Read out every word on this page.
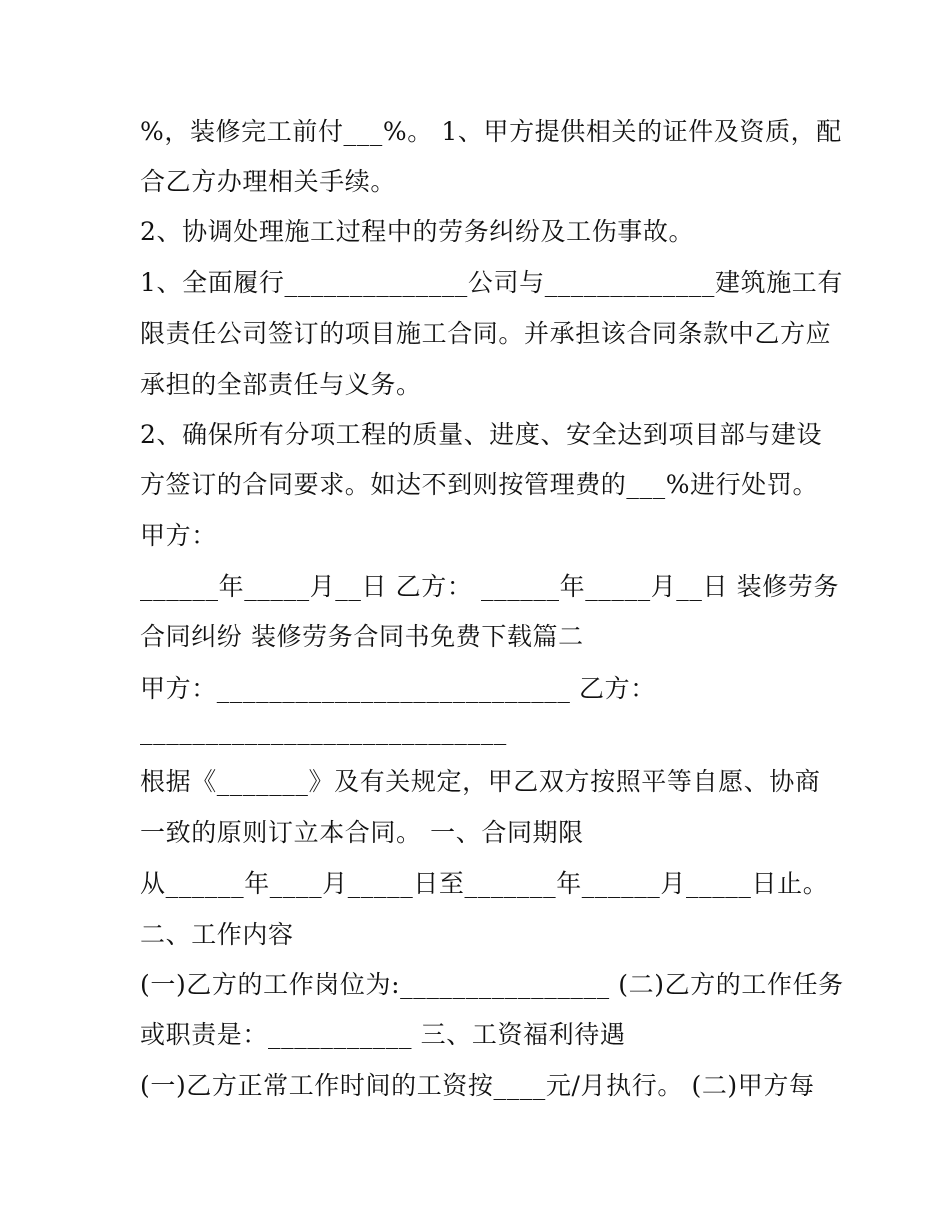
%，装修完工前付___%。 1、甲方提供相关的证件及资质，配
合乙方办理相关手续。
2、协调处理施工过程中的劳务纠纷及工伤事故。
1、全面履行______________公司与_____________建筑施工有
限责任公司签订的项目施工合同。并承担该合同条款中乙方应
承担的全部责任与义务。
2、确保所有分项工程的质量、进度、安全达到项目部与建设
方签订的合同要求。如达不到则按管理费的___%进行处罚。
甲方：
______年_____月__日 乙方： ______年_____月__日 装修劳务
合同纠纷 装修劳务合同书免费下载篇二
甲方：___________________________ 乙方：
____________________________
根据《_______》及有关规定，甲乙双方按照平等自愿、协商
一致的原则订立本合同。 一、合同期限
从______年____月_____日至_______年______月_____日止。
二、工作内容
(一)乙方的工作岗位为:________________ (二)乙方的工作任务
或职责是：___________ 三、工资福利待遇
(一)乙方正常工作时间的工资按____元/月执行。 (二)甲方每
